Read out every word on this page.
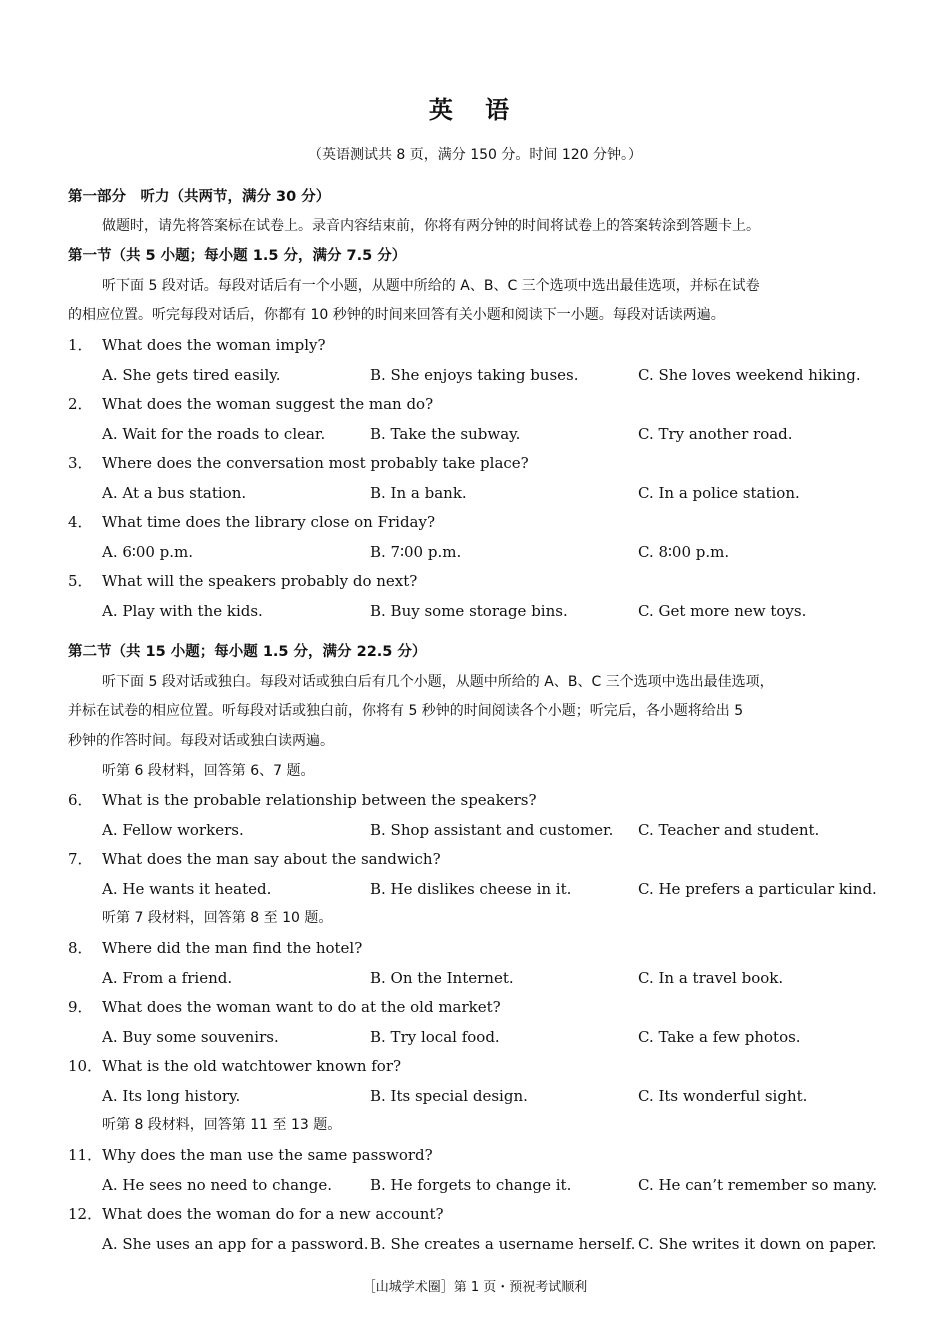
英 语
（英语测试共 8 页，满分 150 分。时间 120 分钟。）
第一部分　听力（共两节，满分 30 分）
做题时，请先将答案标在试卷上。录音内容结束前，你将有两分钟的时间将试卷上的答案转涂到答题卡上。
第一节（共 5 小题；每小题 1.5 分，满分 7.5 分）
听下面 5 段对话。每段对话后有一个小题，从题中所给的 A、B、C 三个选项中选出最佳选项，并标在试卷
的相应位置。听完每段对话后，你都有 10 秒钟的时间来回答有关小题和阅读下一小题。每段对话读两遍。
1． What does the woman imply?
A. She gets tired easily.	B. She enjoys taking buses.	C. She loves weekend hiking.
2． What does the woman suggest the man do?
A. Wait for the roads to clear.	B. Take the subway.	C. Try another road.
3． Where does the conversation most probably take place?
A. At a bus station.	B. In a bank.	C. In a police station.
4． What time does the library close on Friday?
A. 6∶00 p.m.	B. 7∶00 p.m.	C. 8∶00 p.m.
5． What will the speakers probably do next?
A. Play with the kids.	B. Buy some storage bins.	C. Get more new toys.
第二节（共 15 小题；每小题 1.5 分，满分 22.5 分）
听下面 5 段对话或独白。每段对话或独白后有几个小题，从题中所给的 A、B、C 三个选项中选出最佳选项，
并标在试卷的相应位置。听每段对话或独白前，你将有 5 秒钟的时间阅读各个小题；听完后，各小题将给出 5
秒钟的作答时间。每段对话或独白读两遍。
听第 6 段材料，回答第 6、7 题。
6． What is the probable relationship between the speakers?
A. Fellow workers.	B. Shop assistant and customer.	C. Teacher and student.
7． What does the man say about the sandwich?
A. He wants it heated.	B. He dislikes cheese in it.	C. He prefers a particular kind.
听第 7 段材料，回答第 8 至 10 题。
8． Where did the man find the hotel?
A. From a friend.	B. On the Internet.	C. In a travel book.
9． What does the woman want to do at the old market?
A. Buy some souvenirs.	B. Try local food.	C. Take a few photos.
10． What is the old watchtower known for?
A. Its long history.	B. Its special design.	C. Its wonderful sight.
听第 8 段材料，回答第 11 至 13 题。
11． Why does the man use the same password?
A. He sees no need to change.	B. He forgets to change it.	C. He can’t remember so many.
12． What does the woman do for a new account?
A. She uses an app for a password. B. She creates a username herself. C. She writes it down on paper.
［山城学术圈］第 1 页・预祝考试顺利
